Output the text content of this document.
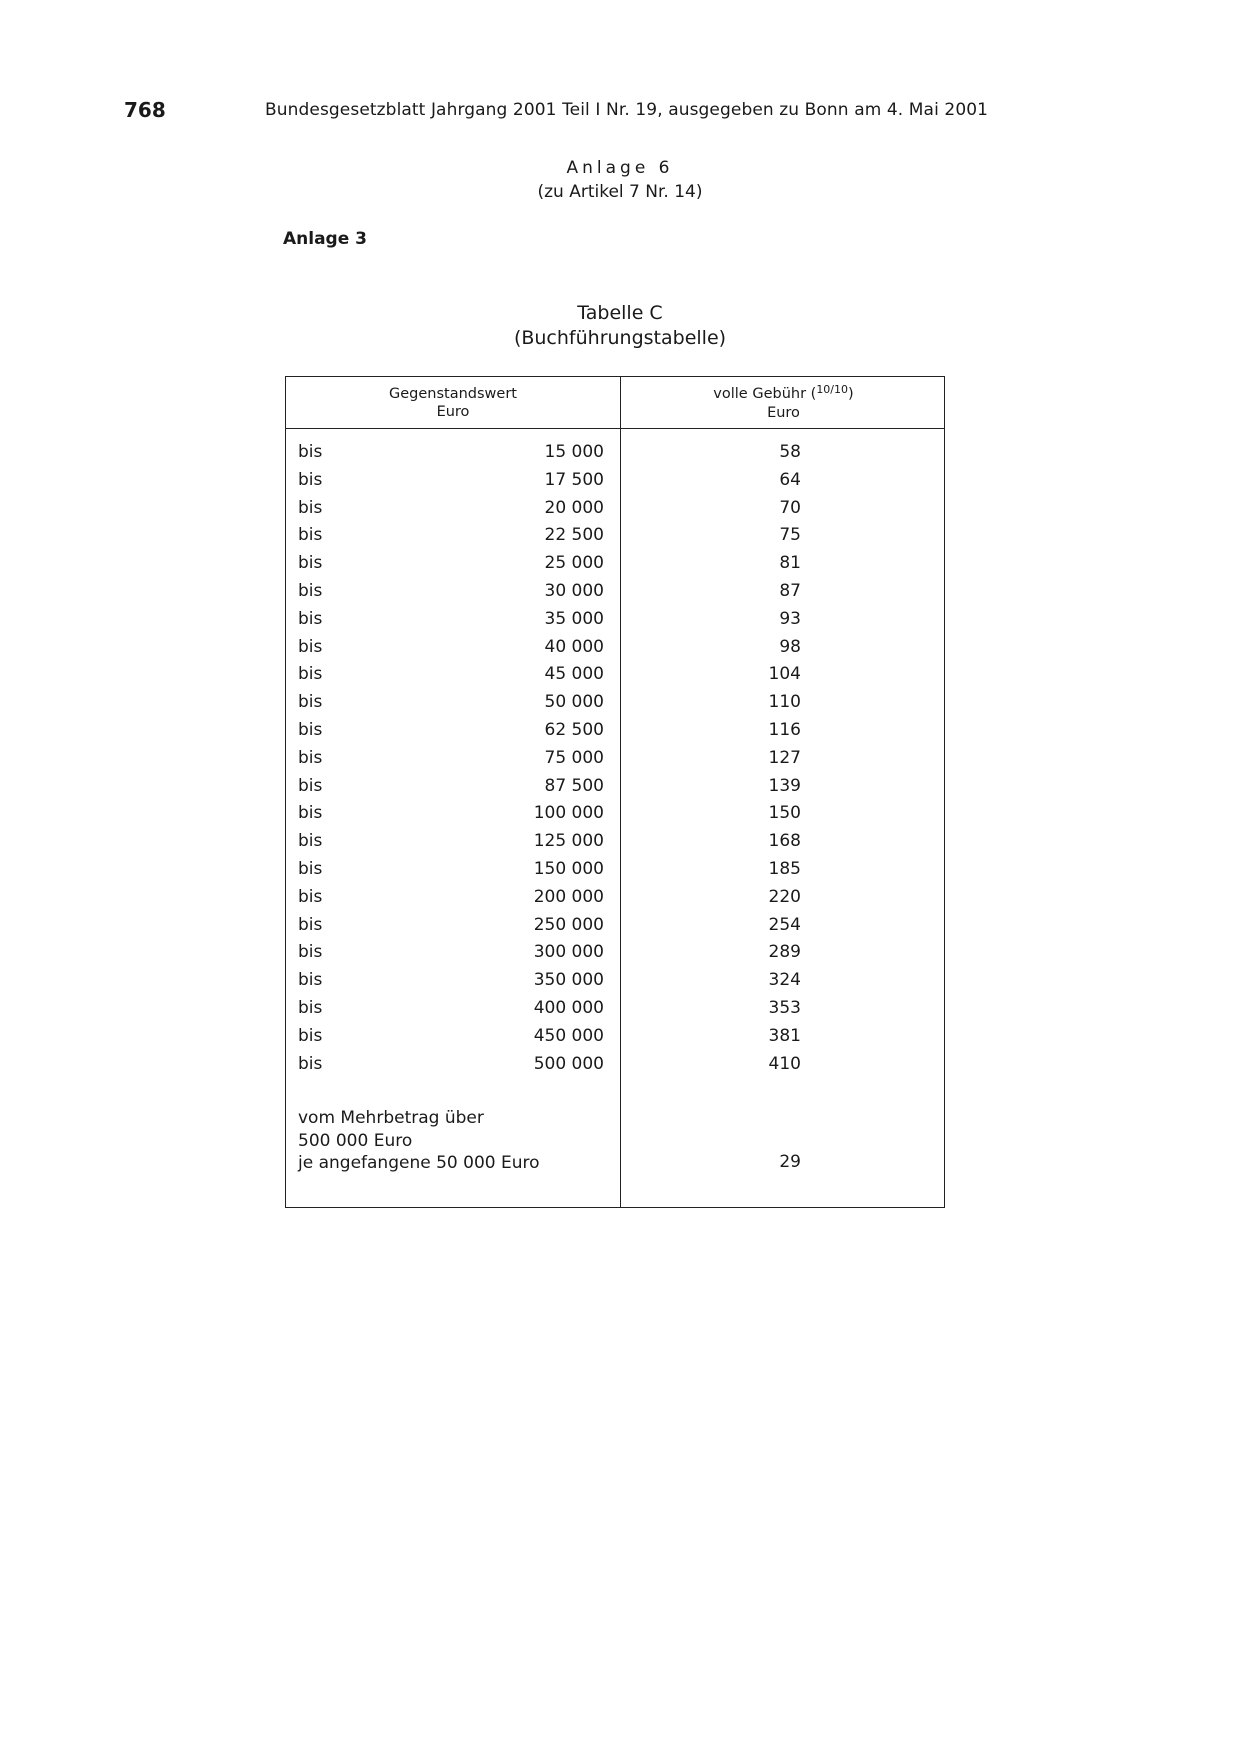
768	Bundesgesetzblatt Jahrgang 2001 Teil I Nr. 19, ausgegeben zu Bonn am 4. Mai 2001
Anlage 6
(zu Artikel 7 Nr. 14)
Anlage 3
Tabelle C
(Buchführungstabelle)
Gegenstandswert
Euro
volle Gebühr ($^{10/10}$)
Euro
bis	15 000	58
bis	17 500	64
bis	20 000	70
bis	22 500	75
bis	25 000	81
bis	30 000	87
bis	35 000	93
bis	40 000	98
bis	45 000	104
bis	50 000	110
bis	62 500	116
bis	75 000	127
bis	87 500	139
bis	100 000	150
bis	125 000	168
bis	150 000	185
bis	200 000	220
bis	250 000	254
bis	300 000	289
bis	350 000	324
bis	400 000	353
bis	450 000	381
bis	500 000	410
vom Mehrbetrag über
500 000 Euro
je angefangene 50 000 Euro	29
